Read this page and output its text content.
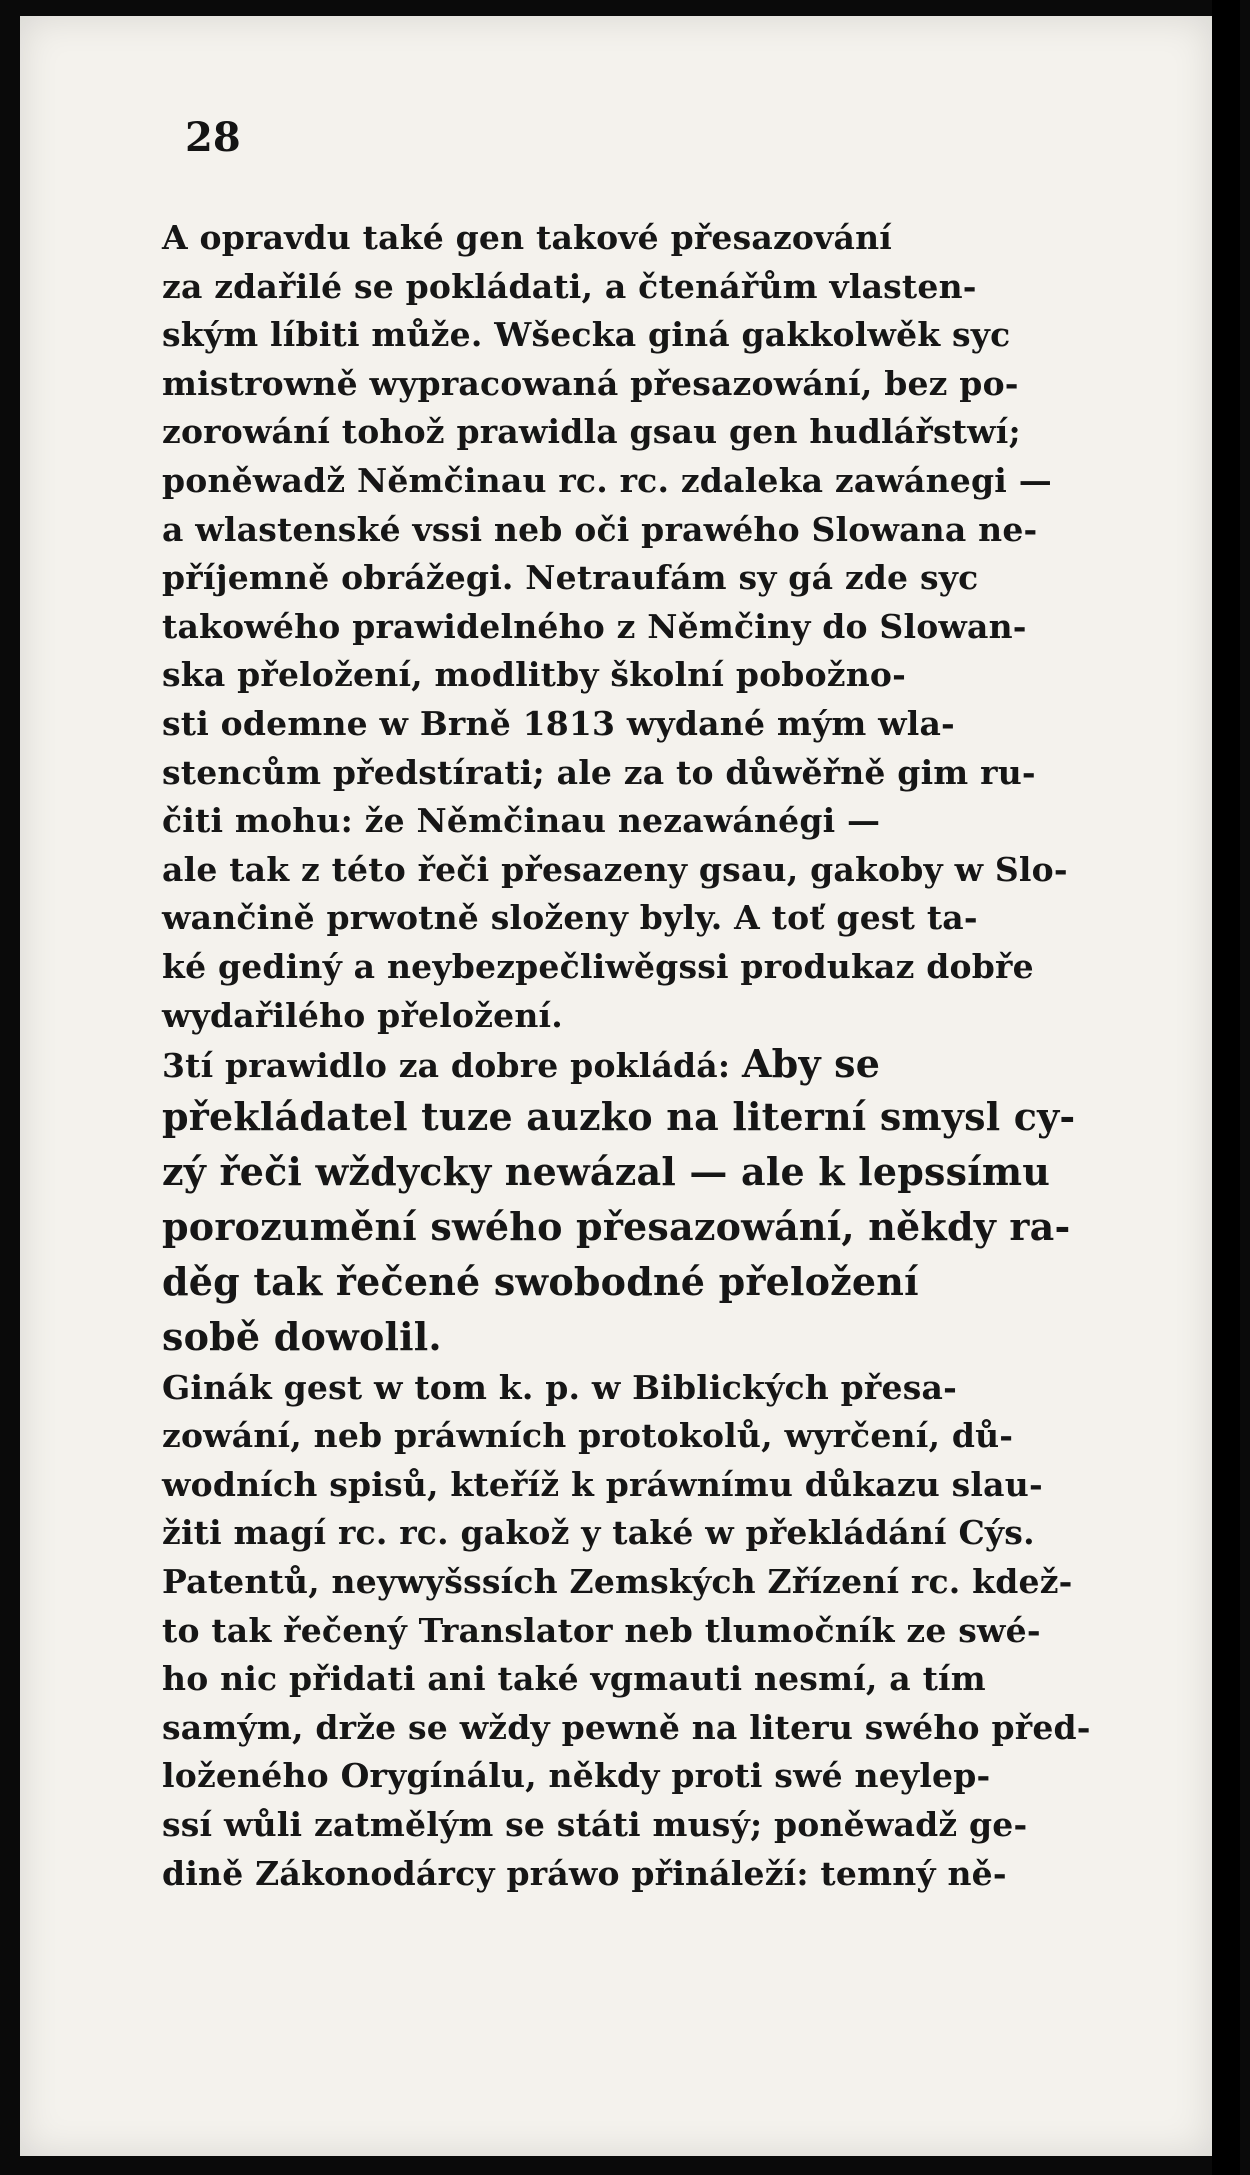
28
A opravdu také gen takové přesazování
za zdařilé se pokládati, a čtenářům vlasten-
ským líbiti může. Wšecka giná gakkolwěk syc
mistrowně wypracowaná přesazowání, bez po-
zorowání tohož prawidla gsau gen hudlářstwí;
poněwadž Němčinau rc. rc. zdaleka zawánegi —
a wlastenské vssi neb oči prawého Slowana ne-
příjemně obrážegi. Netraufám sy gá zde syc
takowého prawidelného z Němčiny do Slowan-
ska přeložení, modlitby školní pobožno-
sti odemne w Brně 1813 wydané mým wla-
stencům předstírati; ale za to důwěřně gim ru-
čiti mohu: že Němčinau nezawánégi —
ale tak z této řeči přesazeny gsau, gakoby w Slo-
wančině prwotně složeny byly. A toť gest ta-
ké gediný a neybezpečliwěgssi produkaz dobře
wydařilého přeložení.
3tí prawidlo za dobre pokládá: Aby se
překládatel tuze auzko na literní smysl cy-
zý řeči wždycky newázal — ale k lepssímu
porozumění swého přesazowání, někdy ra-
děg tak řečené swobodné přeložení
sobě dowolil.
Ginák gest w tom k. p. w Biblických přesa-
zowání, neb práwních protokolů, wyrčení, dů-
wodních spisů, kteříž k práwnímu důkazu slau-
žiti magí rc. rc. gakož y také w překládání Cýs.
Patentů, neywyšssích Zemských Zřízení rc. kdež-
to tak řečený Translator neb tlumočník ze swé-
ho nic přidati ani také vgmauti nesmí, a tím
samým, drže se wždy pewně na literu swého před-
loženého Orygínálu, někdy proti swé neylep-
ssí wůli zatmělým se státi musý; poněwadž ge-
dině Zákonodárcy práwo přináleží: temný ně-
